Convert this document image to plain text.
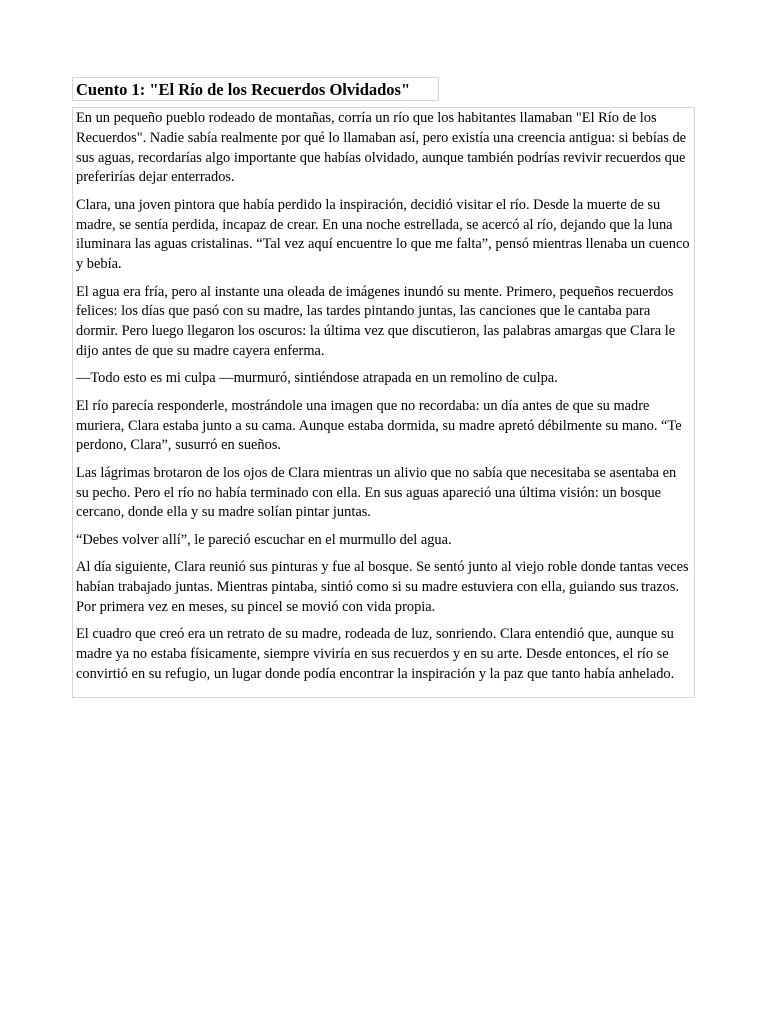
Cuento 1: "El Río de los Recuerdos Olvidados"

En un pequeño pueblo rodeado de montañas, corría un río que los habitantes llamaban "El Río de los Recuerdos". Nadie sabía realmente por qué lo llamaban así, pero existía una creencia antigua: si bebías de sus aguas, recordarías algo importante que habías olvidado, aunque también podrías revivir recuerdos que preferirías dejar enterrados.

Clara, una joven pintora que había perdido la inspiración, decidió visitar el río. Desde la muerte de su madre, se sentía perdida, incapaz de crear. En una noche estrellada, se acercó al río, dejando que la luna iluminara las aguas cristalinas. “Tal vez aquí encuentre lo que me falta”, pensó mientras llenaba un cuenco y bebía.

El agua era fría, pero al instante una oleada de imágenes inundó su mente. Primero, pequeños recuerdos felices: los días que pasó con su madre, las tardes pintando juntas, las canciones que le cantaba para dormir. Pero luego llegaron los oscuros: la última vez que discutieron, las palabras amargas que Clara le dijo antes de que su madre cayera enferma.

—Todo esto es mi culpa —murmuró, sintiéndose atrapada en un remolino de culpa.

El río parecía responderle, mostrándole una imagen que no recordaba: un día antes de que su madre muriera, Clara estaba junto a su cama. Aunque estaba dormida, su madre apretó débilmente su mano. “Te perdono, Clara”, susurró en sueños.

Las lágrimas brotaron de los ojos de Clara mientras un alivio que no sabía que necesitaba se asentaba en su pecho. Pero el río no había terminado con ella. En sus aguas apareció una última visión: un bosque cercano, donde ella y su madre solían pintar juntas.

“Debes volver allí”, le pareció escuchar en el murmullo del agua.

Al día siguiente, Clara reunió sus pinturas y fue al bosque. Se sentó junto al viejo roble donde tantas veces habían trabajado juntas. Mientras pintaba, sintió como si su madre estuviera con ella, guiando sus trazos. Por primera vez en meses, su pincel se movió con vida propia.

El cuadro que creó era un retrato de su madre, rodeada de luz, sonriendo. Clara entendió que, aunque su madre ya no estaba físicamente, siempre viviría en sus recuerdos y en su arte. Desde entonces, el río se convirtió en su refugio, un lugar donde podía encontrar la inspiración y la paz que tanto había anhelado.
